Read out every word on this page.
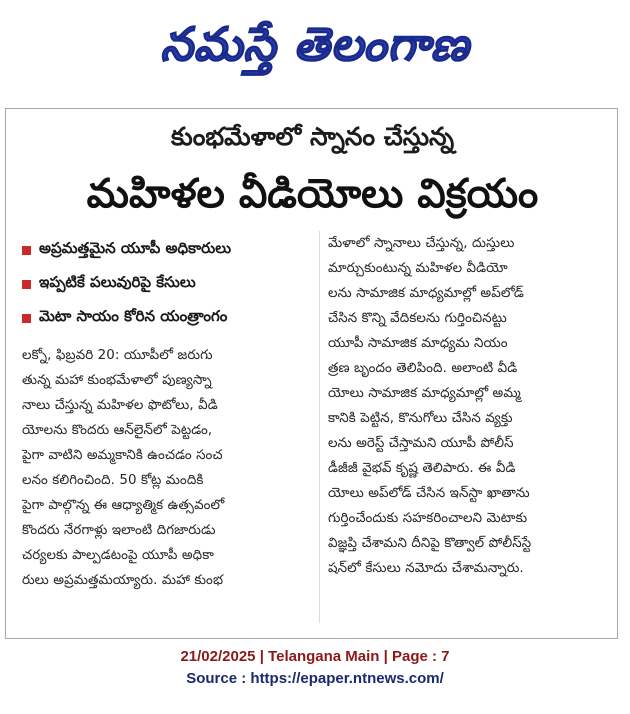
నమస్తే తెలంగాణ
కుంభమేళాలో స్నానం చేస్తున్న
మహిళల వీడియోలు విక్రయం
అప్రమత్తమైన యూపీ అధికారులు
ఇప్పటికే పలువురిపై కేసులు
మెటా సాయం కోరిన యంత్రాంగం
లక్నో, ఫిబ్రవరి 20: యూపీలో జరుగు
తున్న మహా కుంభమేళాలో పుణ్యస్నా
నాలు చేస్తున్న మహిళల ఫొటోలు, వీడి
యోలను కొందరు ఆన్‌లైన్‌లో పెట్టడం,
పైగా వాటిని అమ్మకానికి ఉంచడం సంచ
లనం కలిగించింది. 50 కోట్ల మందికి
పైగా పాల్గొన్న ఈ ఆధ్యాత్మిక ఉత్సవంలో
కొందరు నేరగాళ్లు ఇలాంటి దిగజారుడు
చర్యలకు పాల్పడటంపై యూపీ అధికా
రులు అప్రమత్తమయ్యారు. మహా కుంభ
మేళాలో స్నానాలు చేస్తున్న, దుస్తులు
మార్చుకుంటున్న మహిళల వీడియో
లను సామాజిక మాధ్యమాల్లో అప్‌లోడ్
చేసిన కొన్ని వేదికలను గుర్తించినట్టు
యూపీ సామాజిక మాధ్యమ నియం
త్రణ బృందం తెలిపింది. అలాంటి వీడి
యోలు సామాజిక మాధ్యమాల్లో అమ్మ
కానికి పెట్టిన, కొనుగోలు చేసిన వ్యక్తు
లను అరెస్ట్ చేస్తామని యూపీ పోలీస్
డీజీజీ వైభవ్ కృష్ణ తెలిపారు. ఈ వీడి
యోలు అప్‌లోడ్ చేసిన ఇన్‌స్టా ఖాతాను
గుర్తించేందుకు సహకరించాలని మెటాకు
విజ్ఞప్తి చేశామని దీనిపై కొత్వాల్ పోలీస్‌స్టే
షన్‌లో కేసులు నమోదు చేశామన్నారు.
21/02/2025 | Telangana Main | Page : 7
Source : https://epaper.ntnews.com/
